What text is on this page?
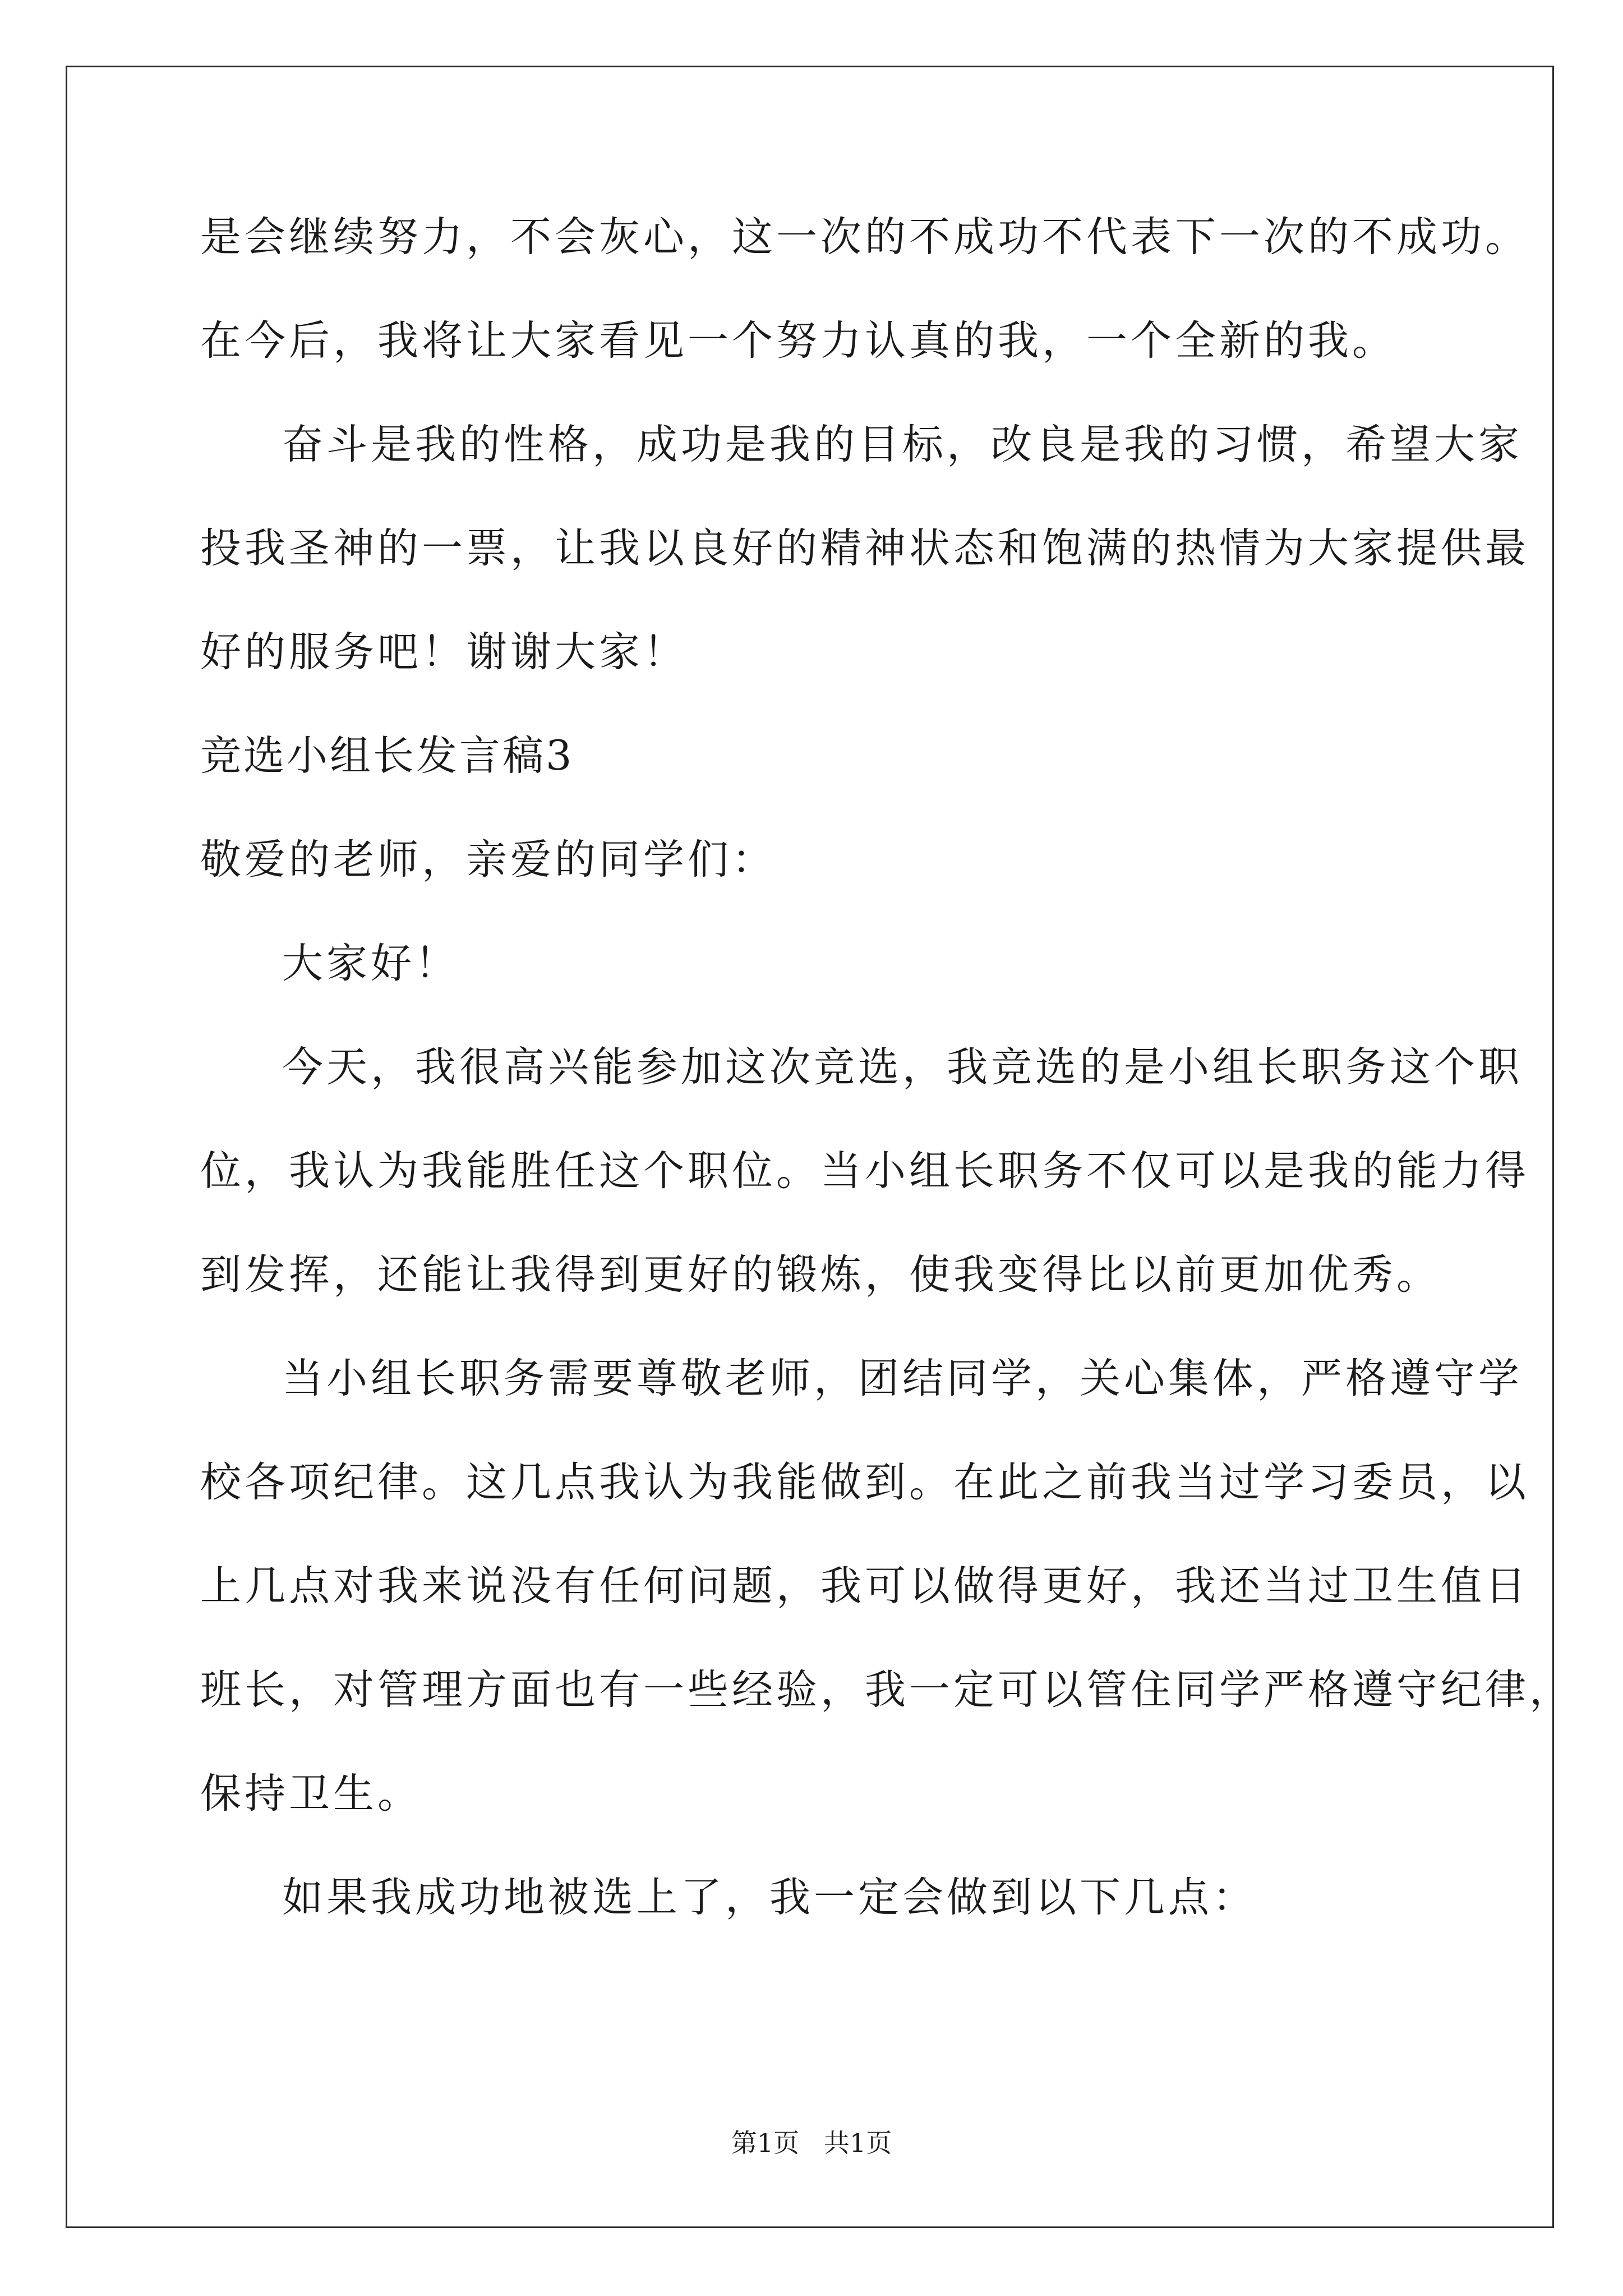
是会继续努力，不会灰心，这一次的不成功不代表下一次的不成功。
在今后，我将让大家看见一个努力认真的我，一个全新的我。
奋斗是我的性格，成功是我的目标，改良是我的习惯，希望大家
投我圣神的一票，让我以良好的精神状态和饱满的热情为大家提供最
好的服务吧！谢谢大家！
竞选小组长发言稿3
敬爱的老师，亲爱的同学们：
大家好！
今天，我很高兴能参加这次竞选，我竞选的是小组长职务这个职
位，我认为我能胜任这个职位。当小组长职务不仅可以是我的能力得
到发挥，还能让我得到更好的锻炼，使我变得比以前更加优秀。
当小组长职务需要尊敬老师，团结同学，关心集体，严格遵守学
校各项纪律。这几点我认为我能做到。在此之前我当过学习委员，以
上几点对我来说没有任何问题，我可以做得更好，我还当过卫生值日
班长，对管理方面也有一些经验，我一定可以管住同学严格遵守纪律，
保持卫生。
如果我成功地被选上了，我一定会做到以下几点：
第1页   共1页
